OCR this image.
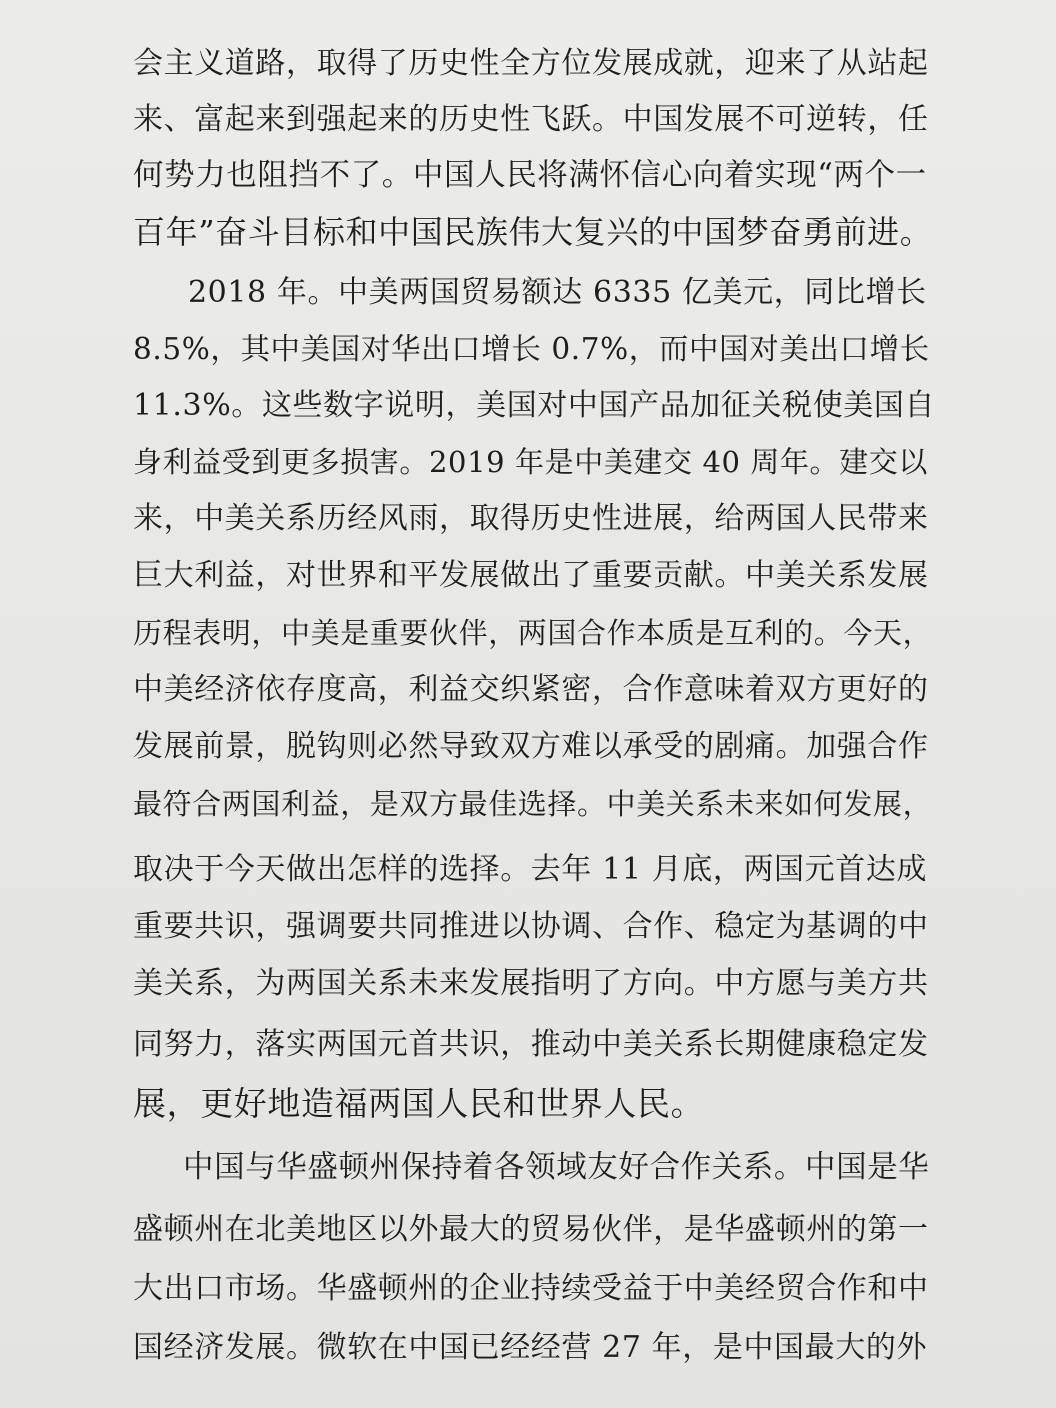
会主义道路，取得了历史性全方位发展成就，迎来了从站起
来、富起来到强起来的历史性飞跃。中国发展不可逆转，任
何势力也阻挡不了。中国人民将满怀信心向着实现“两个一
百年”奋斗目标和中国民族伟大复兴的中国梦奋勇前进。
2018 年。中美两国贸易额达 6335 亿美元，同比增长
8.5%，其中美国对华出口增长 0.7%，而中国对美出口增长
11.3%。这些数字说明，美国对中国产品加征关税使美国自
身利益受到更多损害。2019 年是中美建交 40 周年。建交以
来，中美关系历经风雨，取得历史性进展，给两国人民带来
巨大利益，对世界和平发展做出了重要贡献。中美关系发展
历程表明，中美是重要伙伴，两国合作本质是互利的。今天，
中美经济依存度高，利益交织紧密，合作意味着双方更好的
发展前景，脱钩则必然导致双方难以承受的剧痛。加强合作
最符合两国利益，是双方最佳选择。中美关系未来如何发展，
取决于今天做出怎样的选择。去年 11 月底，两国元首达成
重要共识，强调要共同推进以协调、合作、稳定为基调的中
美关系，为两国关系未来发展指明了方向。中方愿与美方共
同努力，落实两国元首共识，推动中美关系长期健康稳定发
展，更好地造福两国人民和世界人民。
中国与华盛顿州保持着各领域友好合作关系。中国是华
盛顿州在北美地区以外最大的贸易伙伴，是华盛顿州的第一
大出口市场。华盛顿州的企业持续受益于中美经贸合作和中
国经济发展。微软在中国已经经营 27 年，是中国最大的外
